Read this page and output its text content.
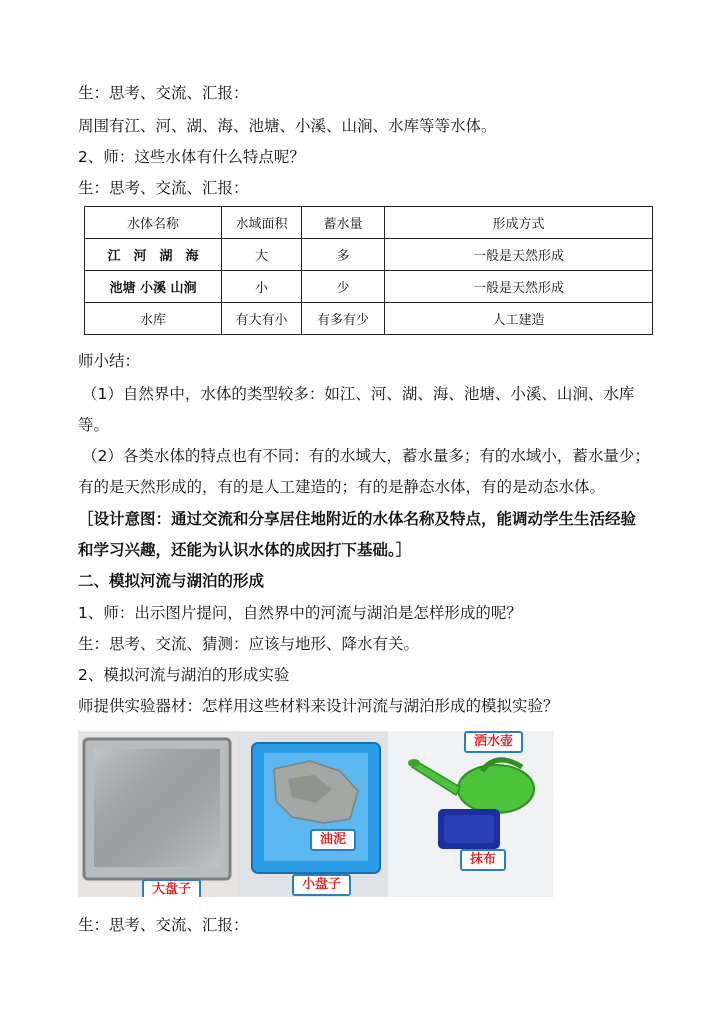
生：思考、交流、汇报：
周围有江、河、湖、海、池塘、小溪、山涧、水库等等水体。
2、师：这些水体有什么特点呢？
生：思考、交流、汇报：
水体名称	水域面积	蓄水量	形成方式
江　河　湖　海	大	多	一般是天然形成
池塘 小溪 山涧	小	少	一般是天然形成
水库	有大有小	有多有少	人工建造
师小结：
（1）自然界中，水体的类型较多：如江、河、湖、海、池塘、小溪、山涧、水库
等。
（2）各类水体的特点也有不同：有的水域大，蓄水量多；有的水域小，蓄水量少；
有的是天然形成的，有的是人工建造的；有的是静态水体，有的是动态水体。
［设计意图：通过交流和分享居住地附近的水体名称及特点，能调动学生生活经验
和学习兴趣，还能为认识水体的成因打下基础。］
二、模拟河流与湖泊的形成
1、师：出示图片提问，自然界中的河流与湖泊是怎样形成的呢？
生：思考、交流、猜测：应该与地形、降水有关。
2、模拟河流与湖泊的形成实验
师提供实验器材：怎样用这些材料来设计河流与湖泊形成的模拟实验？
大盘子
油泥
小盘子
洒水壶
抹布
生：思考、交流、汇报：
